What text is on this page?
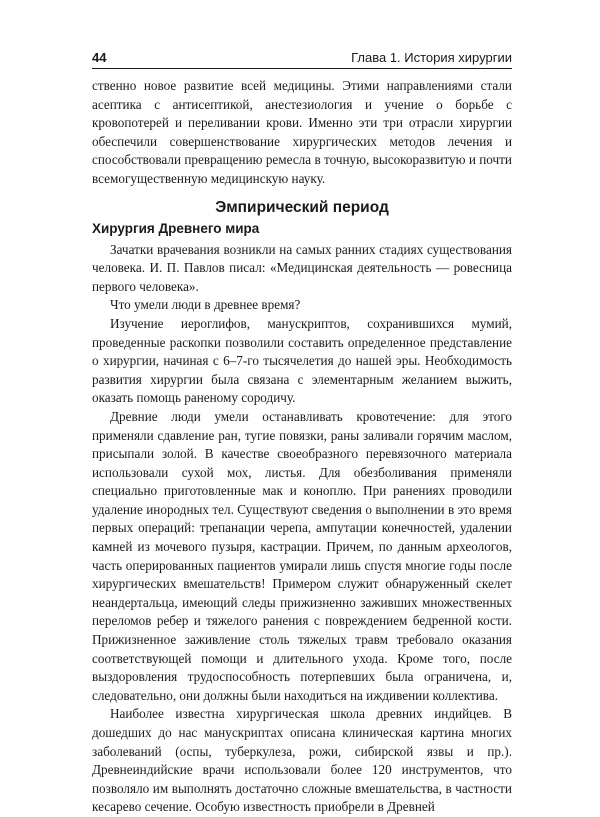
44	Глава 1. История хирургии

ственно новое развитие всей медицины. Этими направлениями стали асептика с антисептикой, анестезиология и учение о борьбе с кровопотерей и переливании крови. Именно эти три отрасли хирургии обеспечили совершенствование хирургических методов лечения и способствовали превращению ремесла в точную, высокоразвитую и почти всемогущественную медицинскую науку.

Эмпирический период
Хирургия Древнего мира

Зачатки врачевания возникли на самых ранних стадиях существования человека. И. П. Павлов писал: «Медицинская деятельность — ровесница первого человека».

Что умели люди в древнее время?

Изучение иероглифов, манускриптов, сохранившихся мумий, проведенные раскопки позволили составить определенное представление о хирургии, начиная с 6–7-го тысячелетия до нашей эры. Необходимость развития хирургии была связана с элементарным желанием выжить, оказать помощь раненому сородичу.

Древние люди умели останавливать кровотечение: для этого применяли сдавление ран, тугие повязки, раны заливали горячим маслом, присыпали золой. В качестве своеобразного перевязочного материала использовали сухой мох, листья. Для обезболивания применяли специально приготовленные мак и коноплю. При ранениях проводили удаление инородных тел. Существуют сведения о выполнении в это время первых операций: трепанации черепа, ампутации конечностей, удалении камней из мочевого пузыря, кастрации. Причем, по данным археологов, часть оперированных пациентов умирали лишь спустя многие годы после хирургических вмешательств! Примером служит обнаруженный скелет неандертальца, имеющий следы прижизненно заживших множественных переломов ребер и тяжелого ранения с повреждением бедренной кости. Прижизненное заживление столь тяжелых травм требовало оказания соответствующей помощи и длительного ухода. Кроме того, после выздоровления трудоспособность потерпевших была ограничена, и, следовательно, они должны были находиться на иждивении коллектива.

Наиболее известна хирургическая школа древних индийцев. В дошедших до нас манускриптах описана клиническая картина многих заболеваний (оспы, туберкулеза, рожи, сибирской язвы и пр.). Древнеиндийские врачи использовали более 120 инструментов, что позволяло им выполнять достаточно сложные вмешательства, в частности кесарево сечение. Особую известность приобрели в Древней
